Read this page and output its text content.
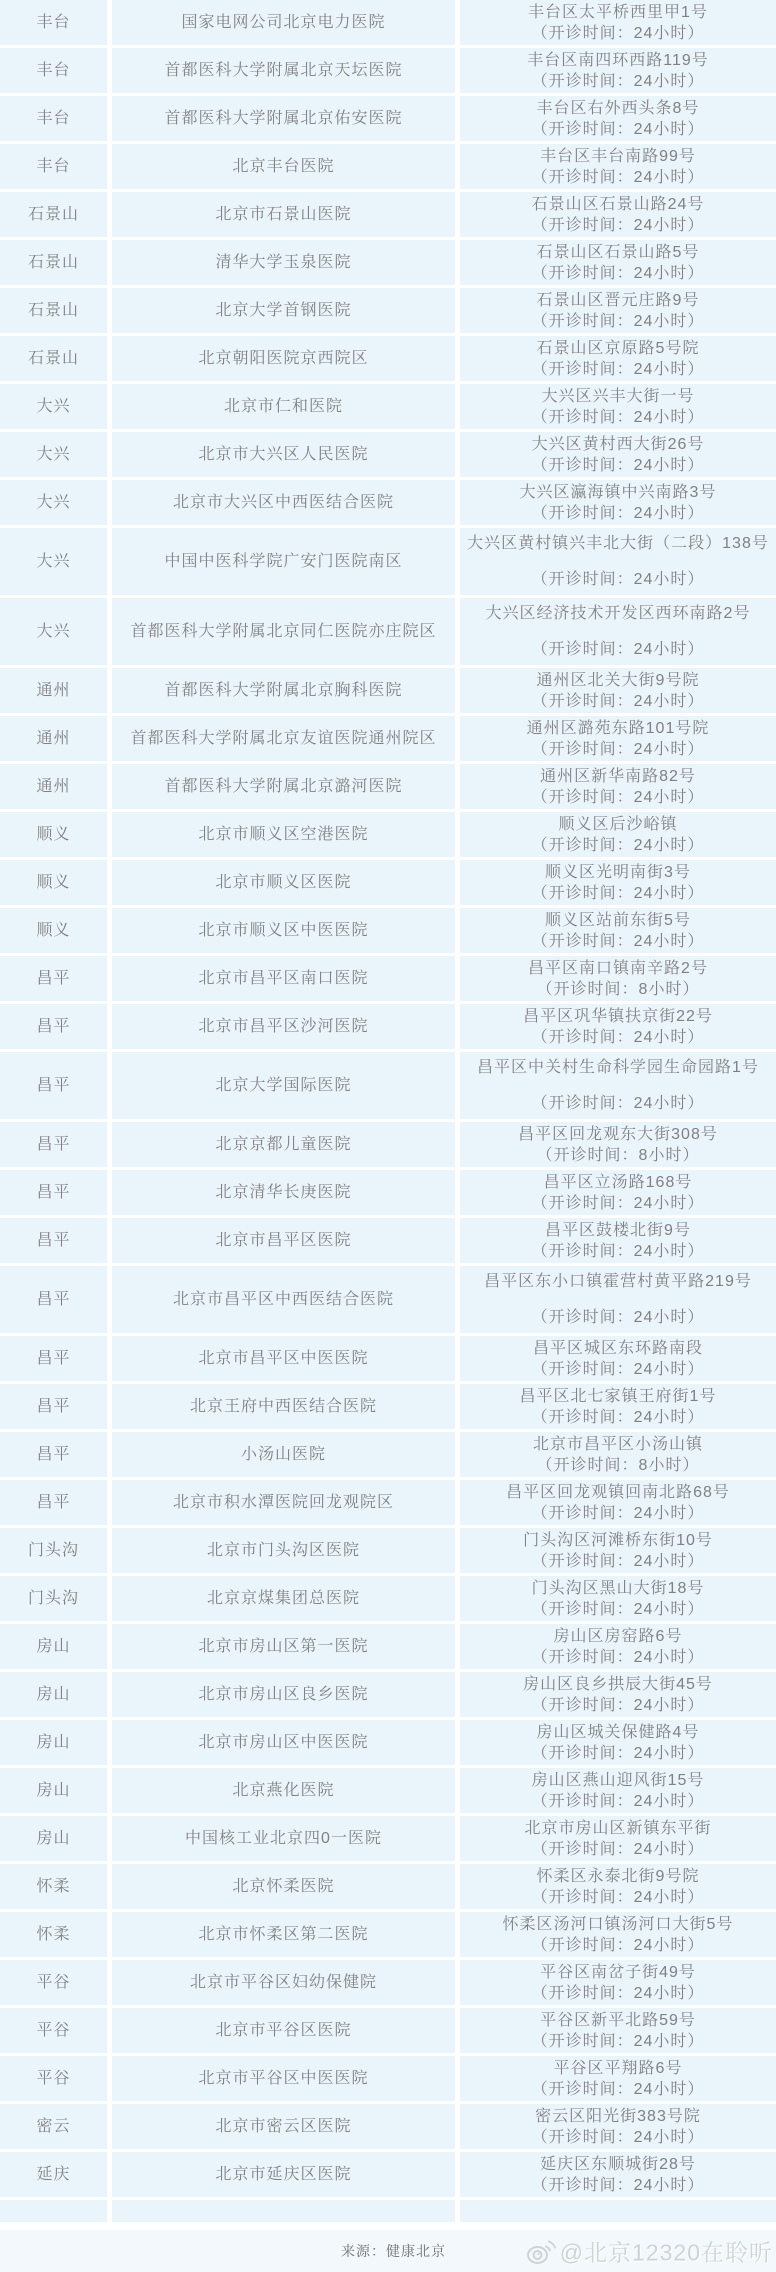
丰台	国家电网公司北京电力医院
丰台区太平桥西里甲1号
（开诊时间：24小时）
丰台	首都医科大学附属北京天坛医院
丰台区南四环西路119号
（开诊时间：24小时）
丰台	首都医科大学附属北京佑安医院
丰台区右外西头条8号
（开诊时间：24小时）
丰台	北京丰台医院
丰台区丰台南路99号
（开诊时间：24小时）
石景山	北京市石景山医院
石景山区石景山路24号
（开诊时间：24小时）
石景山	清华大学玉泉医院
石景山区石景山路5号
（开诊时间：24小时）
石景山	北京大学首钢医院
石景山区晋元庄路9号
（开诊时间：24小时）
石景山	北京朝阳医院京西院区
石景山区京原路5号院
（开诊时间：24小时）
大兴	北京市仁和医院
大兴区兴丰大街一号
（开诊时间：24小时）
大兴	北京市大兴区人民医院
大兴区黄村西大街26号
（开诊时间：24小时）
大兴	北京市大兴区中西医结合医院
大兴区瀛海镇中兴南路3号
（开诊时间：24小时）
大兴	中国中医科学院广安门医院南区
大兴区黄村镇兴丰北大街（二段）138号
（开诊时间：24小时）
大兴	首都医科大学附属北京同仁医院亦庄院区
大兴区经济技术开发区西环南路2号
（开诊时间：24小时）
通州	首都医科大学附属北京胸科医院
通州区北关大街9号院
（开诊时间：24小时）
通州	首都医科大学附属北京友谊医院通州院区
通州区潞苑东路101号院
（开诊时间：24小时）
通州	首都医科大学附属北京潞河医院
通州区新华南路82号
（开诊时间：24小时）
顺义	北京市顺义区空港医院
顺义区后沙峪镇
（开诊时间：24小时）
顺义	北京市顺义区医院
顺义区光明南街3号
（开诊时间：24小时）
顺义	北京市顺义区中医医院
顺义区站前东街5号
（开诊时间：24小时）
昌平	北京市昌平区南口医院
昌平区南口镇南辛路2号
（开诊时间：8小时）
昌平	北京市昌平区沙河医院
昌平区巩华镇扶京街22号
（开诊时间：24小时）
昌平	北京大学国际医院
昌平区中关村生命科学园生命园路1号
（开诊时间：24小时）
昌平	北京京都儿童医院
昌平区回龙观东大街308号
（开诊时间：8小时）
昌平	北京清华长庚医院
昌平区立汤路168号
（开诊时间：24小时）
昌平	北京市昌平区医院
昌平区鼓楼北街9号
（开诊时间：24小时）
昌平	北京市昌平区中西医结合医院
昌平区东小口镇霍营村黄平路219号
（开诊时间：24小时）
昌平	北京市昌平区中医医院
昌平区城区东环路南段
（开诊时间：24小时）
昌平	北京王府中西医结合医院
昌平区北七家镇王府街1号
（开诊时间：24小时）
昌平	小汤山医院
北京市昌平区小汤山镇
（开诊时间：8小时）
昌平	北京市积水潭医院回龙观院区
昌平区回龙观镇回南北路68号
（开诊时间：24小时）
门头沟	北京市门头沟区医院
门头沟区河滩桥东街10号
（开诊时间：24小时）
门头沟	北京京煤集团总医院
门头沟区黑山大街18号
（开诊时间：24小时）
房山	北京市房山区第一医院
房山区房窑路6号
（开诊时间：24小时）
房山	北京市房山区良乡医院
房山区良乡拱辰大街45号
（开诊时间：24小时）
房山	北京市房山区中医医院
房山区城关保健路4号
（开诊时间：24小时）
房山	北京燕化医院
房山区燕山迎风街15号
（开诊时间：24小时）
房山	中国核工业北京四0一医院
北京市房山区新镇东平街
（开诊时间：24小时）
怀柔	北京怀柔医院
怀柔区永泰北街9号院
（开诊时间：24小时）
怀柔	北京市怀柔区第二医院
怀柔区汤河口镇汤河口大街5号
（开诊时间：24小时）
平谷	北京市平谷区妇幼保健院
平谷区南岔子街49号
（开诊时间：24小时）
平谷	北京市平谷区医院
平谷区新平北路59号
（开诊时间：24小时）
平谷	北京市平谷区中医医院
平谷区平翔路6号
（开诊时间：24小时）
密云	北京市密云区医院
密云区阳光街383号院
（开诊时间：24小时）
延庆	北京市延庆区医院
延庆区东顺城街28号
（开诊时间：24小时）
来源：健康北京	@北京12320在聆听
